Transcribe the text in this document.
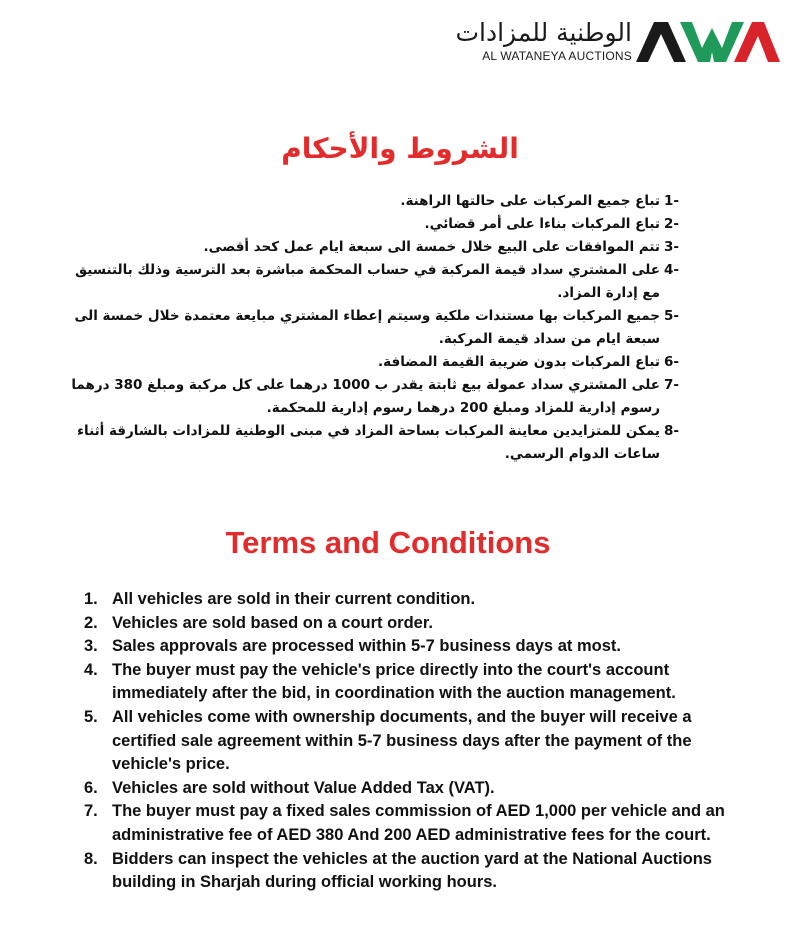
الوطنية للمزادات
AL WATANEYA AUCTIONS
الشروط والأحكام
1-
تباع جميع المركبات على حالتها الراهنة.
2-
تباع المركبات بناءا على أمر قضائي.
3-
تتم الموافقات على البيع خلال خمسة الى سبعة ايام عمل كحد أقصى.
4-
على المشتري سداد قيمة المركبة في حساب المحكمة مباشرة بعد الترسية وذلك بالتنسيق مع إدارة المزاد.
5-
جميع المركبات بها مستندات ملكية وسيتم إعطاء المشتري مبايعة معتمدة خلال خمسة الى سبعة ايام من سداد قيمة المركبة.
6-
تباع المركبات بدون ضريبة القيمة المضافة.
7-
على المشتري سداد عمولة بيع ثابتة يقدر ب 1000 درهما على كل مركبة ومبلغ 380 درهما رسوم إدارية للمزاد ومبلغ 200 درهما رسوم إدارية للمحكمة.
8-
يمكن للمتزايدين معاينة المركبات بساحة المزاد في مبنى الوطنية للمزادات بالشارقة أثناء ساعات الدوام الرسمي.
Terms and Conditions
1. All vehicles are sold in their current condition.
2. Vehicles are sold based on a court order.
3. Sales approvals are processed within 5-7 business days at most.
4. The buyer must pay the vehicle's price directly into the court's account immediately after the bid, in coordination with the auction management.
5. All vehicles come with ownership documents, and the buyer will receive a certified sale agreement within 5-7 business days after the payment of the vehicle's price.
6. Vehicles are sold without Value Added Tax (VAT).
7. The buyer must pay a fixed sales commission of AED 1,000 per vehicle and an administrative fee of AED 380 And 200 AED administrative fees for the court.
8. Bidders can inspect the vehicles at the auction yard at the National Auctions building in Sharjah during official working hours.
